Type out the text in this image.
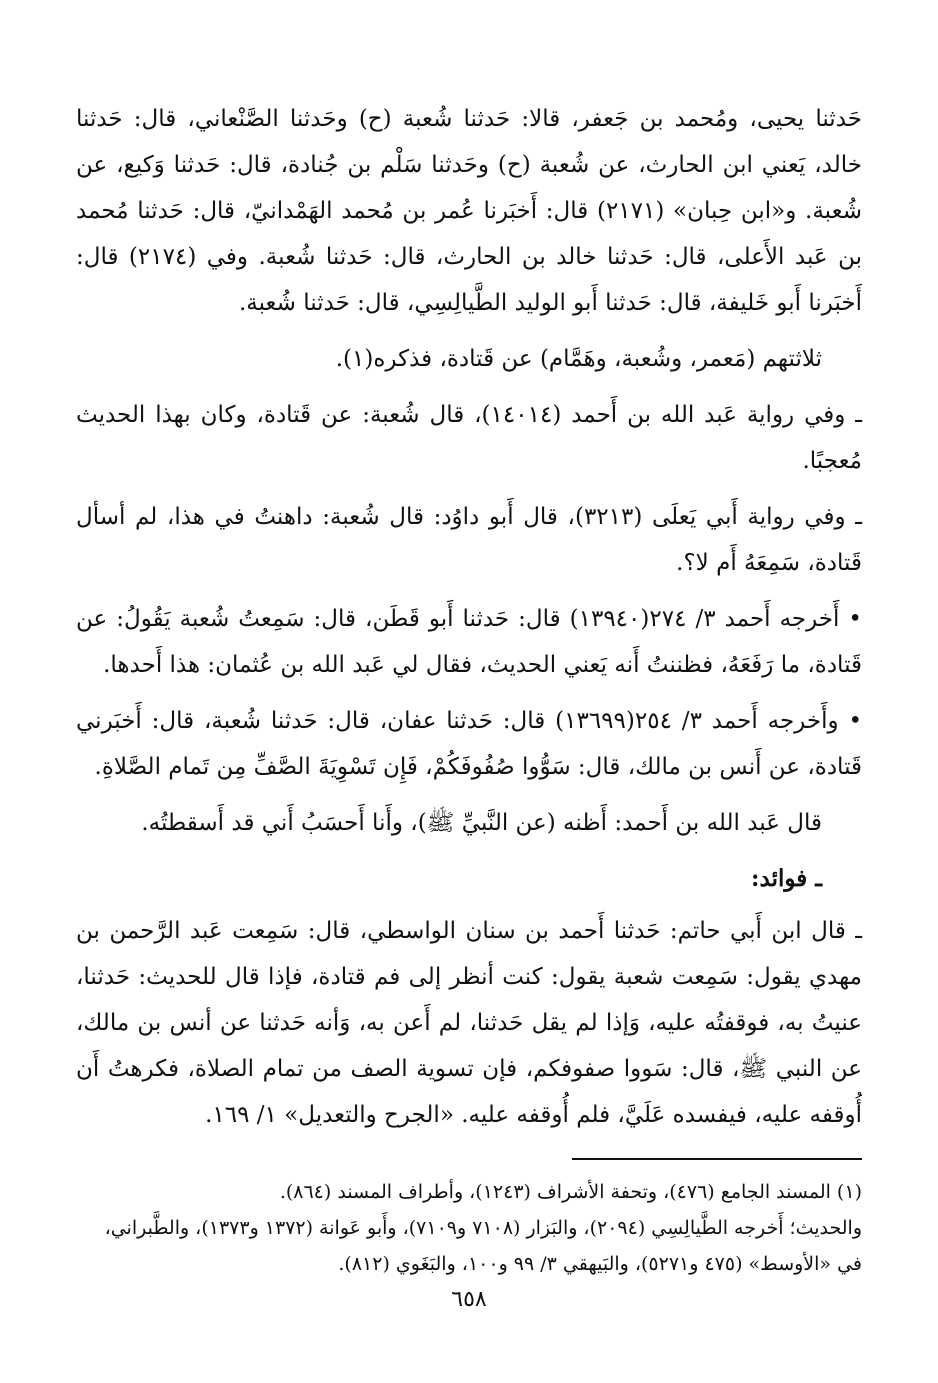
حَدثنا يحيى، ومُحمد بن جَعفر، قالا: حَدثنا شُعبة (ح) وحَدثنا الصَّنْعاني، قال: حَدثنا خالد، يَعني ابن الحارث، عن شُعبة (ح) وحَدثنا سَلْم بن جُنادة، قال: حَدثنا وَكيع، عن شُعبة. و«ابن حِبان» (٢١٧١) قال: أَخبَرنا عُمر بن مُحمد الهَمْدانيّ، قال: حَدثنا مُحمد بن عَبد الأَعلى، قال: حَدثنا خالد بن الحارث، قال: حَدثنا شُعبة. وفي (٢١٧٤) قال: أَخبَرنا أَبو خَليفة، قال: حَدثنا أَبو الوليد الطَّيالِسِي، قال: حَدثنا شُعبة.

ثلاثتهم (مَعمر، وشُعبة، وهَمَّام) عن قَتادة، فذكره(١).

ـ وفي رواية عَبد الله بن أَحمد (١٤٠١٤)، قال شُعبة: عن قَتادة، وكان بهذا الحديث مُعجبًا.

ـ وفي رواية أَبي يَعلَى (٣٢١٣)، قال أَبو داوُد: قال شُعبة: داهنتُ في هذا، لم أسأل قَتادة، سَمِعَهُ أَم لا؟.

• أَخرجه أَحمد ٣/ ٢٧٤(١٣٩٤٠) قال: حَدثنا أَبو قَطَن، قال: سَمِعتُ شُعبة يَقُولُ: عن قَتادة، ما رَفَعَهُ، فظننتُ أَنه يَعني الحديث، فقال لي عَبد الله بن عُثمان: هذا أَحدها.

• وأَخرجه أَحمد ٣/ ٢٥٤(١٣٦٩٩) قال: حَدثنا عفان، قال: حَدثنا شُعبة، قال: أَخبَرني قَتادة، عن أَنس بن مالك، قال: سَوُّوا صُفُوفَكُمْ، فَإِن تَسْوِيَةَ الصَّفِّ مِن تَمام الصَّلاةِ.

قال عَبد الله بن أَحمد: أَظنه (عن النَّبيِّ ﷺ)، وأَنا أَحسَبُ أَني قد أَسقطتُه.

ـ فوائد:

ـ قال ابن أَبي حاتم: حَدثنا أَحمد بن سنان الواسطي، قال: سَمِعت عَبد الرَّحمن بن مهدي يقول: سَمِعت شعبة يقول: كنت أنظر إلى فم قتادة، فإذا قال للحديث: حَدثنا، عنيتُ به، فوقفتُه عليه، وَإذا لم يقل حَدثنا، لم أَعن به، وَأنه حَدثنا عن أنس بن مالك، عن النبي ﷺ، قال: سَووا صفوفكم، فإن تسوية الصف من تمام الصلاة، فكرهتُ أَن أُوقفه عليه، فيفسده عَلَيَّ، فلم أُوقفه عليه. «الجرح والتعديل» ١/ ١٦٩.

(١) المسند الجامع (٤٧٦)، وتحفة الأشراف (١٢٤٣)، وأطراف المسند (٨٦٤).

والحديث؛ أَخرجه الطَّيالِسِي (٢٠٩٤)، والبَزار (٧١٠٨ و٧١٠٩)، وأَبو عَوانة (١٣٧٢ و١٣٧٣)، والطَّبراني، في «الأوسط» (٤٧٥ و٥٢٧١)، والبَيهقي ٣/ ٩٩ و١٠٠، والبَغَوي (٨١٢).

٦٥٨
